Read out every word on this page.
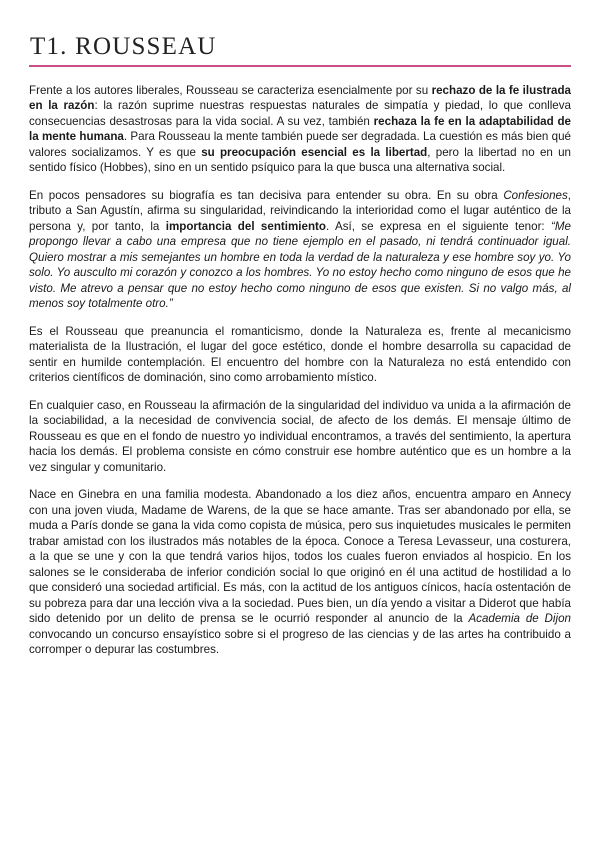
T1. ROUSSEAU

Frente a los autores liberales, Rousseau se caracteriza esencialmente por su rechazo de la fe ilustrada en la razón: la razón suprime nuestras respuestas naturales de simpatía y piedad, lo que conlleva consecuencias desastrosas para la vida social. A su vez, también rechaza la fe en la adaptabilidad de la mente humana. Para Rousseau la mente también puede ser degradada. La cuestión es más bien qué valores socializamos. Y es que su preocupación esencial es la libertad, pero la libertad no en un sentido físico (Hobbes), sino en un sentido psíquico para la que busca una alternativa social.

En pocos pensadores su biografía es tan decisiva para entender su obra. En su obra Confesiones, tributo a San Agustín, afirma su singularidad, reivindicando la interioridad como el lugar auténtico de la persona y, por tanto, la importancia del sentimiento. Así, se expresa en el siguiente tenor: “Me propongo llevar a cabo una empresa que no tiene ejemplo en el pasado, ni tendrá continuador igual. Quiero mostrar a mis semejantes un hombre en toda la verdad de la naturaleza y ese hombre soy yo. Yo solo. Yo ausculto mi corazón y conozco a los hombres. Yo no estoy hecho como ninguno de esos que he visto. Me atrevo a pensar que no estoy hecho como ninguno de esos que existen. Si no valgo más, al menos soy totalmente otro.”

Es el Rousseau que preanuncia el romanticismo, donde la Naturaleza es, frente al mecanicismo materialista de la Ilustración, el lugar del goce estético, donde el hombre desarrolla su capacidad de sentir en humilde contemplación. El encuentro del hombre con la Naturaleza no está entendido con criterios científicos de dominación, sino como arrobamiento místico.

En cualquier caso, en Rousseau la afirmación de la singularidad del individuo va unida a la afirmación de la sociabilidad, a la necesidad de convivencia social, de afecto de los demás. El mensaje último de Rousseau es que en el fondo de nuestro yo individual encontramos, a través del sentimiento, la apertura hacia los demás. El problema consiste en cómo construir ese hombre auténtico que es un hombre a la vez singular y comunitario.

Nace en Ginebra en una familia modesta. Abandonado a los diez años, encuentra amparo en Annecy con una joven viuda, Madame de Warens, de la que se hace amante. Tras ser abandonado por ella, se muda a París donde se gana la vida como copista de música, pero sus inquietudes musicales le permiten trabar amistad con los ilustrados más notables de la época. Conoce a Teresa Levasseur, una costurera, a la que se une y con la que tendrá varios hijos, todos los cuales fueron enviados al hospicio. En los salones se le consideraba de inferior condición social lo que originó en él una actitud de hostilidad a lo que consideró una sociedad artificial. Es más, con la actitud de los antiguos cínicos, hacía ostentación de su pobreza para dar una lección viva a la sociedad. Pues bien, un día yendo a visitar a Diderot que había sido detenido por un delito de prensa se le ocurrió responder al anuncio de la Academia de Dijon convocando un concurso ensayístico sobre si el progreso de las ciencias y de las artes ha contribuido a corromper o depurar las costumbres.
